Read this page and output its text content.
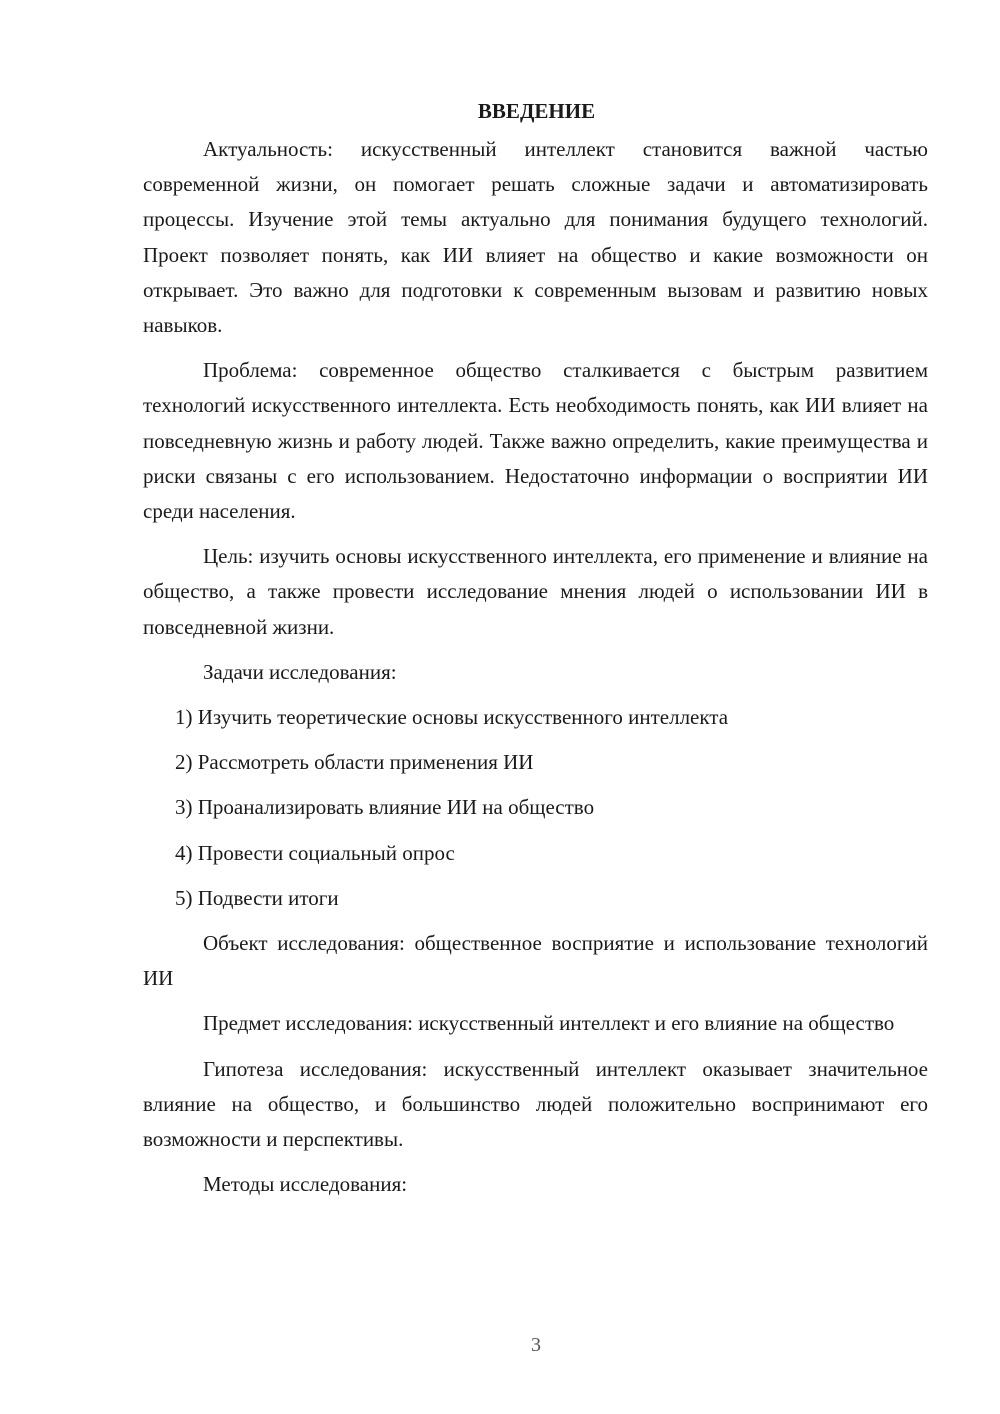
ВВЕДЕНИЕ

Актуальность: искусственный интеллект становится важной частью современной жизни, он помогает решать сложные задачи и автоматизировать процессы. Изучение этой темы актуально для понимания будущего технологий. Проект позволяет понять, как ИИ влияет на общество и какие возможности он открывает. Это важно для подготовки к современным вызовам и развитию новых навыков.

Проблема: современное общество сталкивается с быстрым развитием технологий искусственного интеллекта. Есть необходимость понять, как ИИ влияет на повседневную жизнь и работу людей. Также важно определить, какие преимущества и риски связаны с его использованием. Недостаточно информации о восприятии ИИ среди населения.

Цель: изучить основы искусственного интеллекта, его применение и влияние на общество, а также провести исследование мнения людей о использовании ИИ в повседневной жизни.

Задачи исследования:

1) Изучить теоретические основы искусственного интеллекта
2) Рассмотреть области применения ИИ
3) Проанализировать влияние ИИ на общество
4) Провести социальный опрос
5) Подвести итоги

Объект исследования: общественное восприятие и использование технологий ИИ

Предмет исследования: искусственный интеллект и его влияние на общество

Гипотеза исследования: искусственный интеллект оказывает значительное влияние на общество, и большинство людей положительно воспринимают его возможности и перспективы.

Методы исследования:

3
